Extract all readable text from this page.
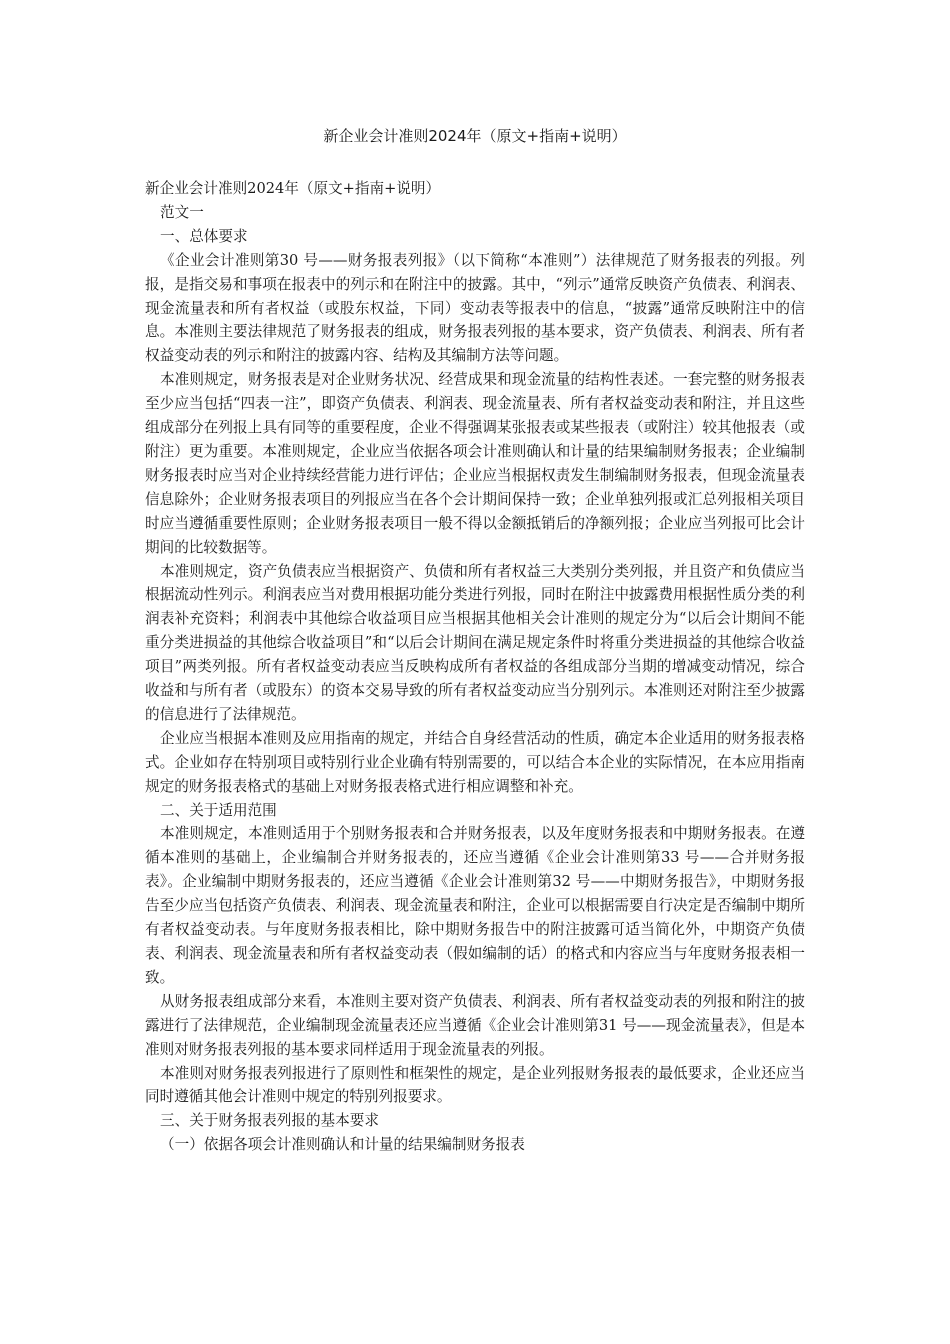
新企业会计准则2024年（原文+指南+说明）

新企业会计准则2024年（原文+指南+说明）

范文一

一、总体要求

《企业会计准则第30 号——财务报表列报》（以下简称“本准则”）法律规范了财务报表的列报。列报，是指交易和事项在报表中的列示和在附注中的披露。其中，“列示”通常反映资产负债表、利润表、现金流量表和所有者权益（或股东权益，下同）变动表等报表中的信息，“披露”通常反映附注中的信息。本准则主要法律规范了财务报表的组成，财务报表列报的基本要求，资产负债表、利润表、所有者权益变动表的列示和附注的披露内容、结构及其编制方法等问题。

本准则规定，财务报表是对企业财务状况、经营成果和现金流量的结构性表述。一套完整的财务报表至少应当包括“四表一注”，即资产负债表、利润表、现金流量表、所有者权益变动表和附注，并且这些组成部分在列报上具有同等的重要程度，企业不得强调某张报表或某些报表（或附注）较其他报表（或附注）更为重要。本准则规定，企业应当依据各项会计准则确认和计量的结果编制财务报表；企业编制财务报表时应当对企业持续经营能力进行评估；企业应当根据权责发生制编制财务报表，但现金流量表信息除外；企业财务报表项目的列报应当在各个会计期间保持一致；企业单独列报或汇总列报相关项目时应当遵循重要性原则；企业财务报表项目一般不得以金额抵销后的净额列报；企业应当列报可比会计期间的比较数据等。

本准则规定，资产负债表应当根据资产、负债和所有者权益三大类别分类列报，并且资产和负债应当根据流动性列示。利润表应当对费用根据功能分类进行列报，同时在附注中披露费用根据性质分类的利润表补充资料；利润表中其他综合收益项目应当根据其他相关会计准则的规定分为“以后会计期间不能重分类进损益的其他综合收益项目”和“以后会计期间在满足规定条件时将重分类进损益的其他综合收益项目”两类列报。所有者权益变动表应当反映构成所有者权益的各组成部分当期的增减变动情况，综合收益和与所有者（或股东）的资本交易导致的所有者权益变动应当分别列示。本准则还对附注至少披露的信息进行了法律规范。

企业应当根据本准则及应用指南的规定，并结合自身经营活动的性质，确定本企业适用的财务报表格式。企业如存在特别项目或特别行业企业确有特别需要的，可以结合本企业的实际情况，在本应用指南规定的财务报表格式的基础上对财务报表格式进行相应调整和补充。

二、关于适用范围

本准则规定，本准则适用于个别财务报表和合并财务报表，以及年度财务报表和中期财务报表。在遵循本准则的基础上，企业编制合并财务报表的，还应当遵循《企业会计准则第33 号——合并财务报表》。企业编制中期财务报表的，还应当遵循《企业会计准则第32 号——中期财务报告》，中期财务报告至少应当包括资产负债表、利润表、现金流量表和附注，企业可以根据需要自行决定是否编制中期所有者权益变动表。与年度财务报表相比，除中期财务报告中的附注披露可适当简化外，中期资产负债表、利润表、现金流量表和所有者权益变动表（假如编制的话）的格式和内容应当与年度财务报表相一致。

从财务报表组成部分来看，本准则主要对资产负债表、利润表、所有者权益变动表的列报和附注的披露进行了法律规范，企业编制现金流量表还应当遵循《企业会计准则第31 号——现金流量表》，但是本准则对财务报表列报的基本要求同样适用于现金流量表的列报。

本准则对财务报表列报进行了原则性和框架性的规定，是企业列报财务报表的最低要求，企业还应当同时遵循其他会计准则中规定的特别列报要求。

三、关于财务报表列报的基本要求

（一）依据各项会计准则确认和计量的结果编制财务报表
